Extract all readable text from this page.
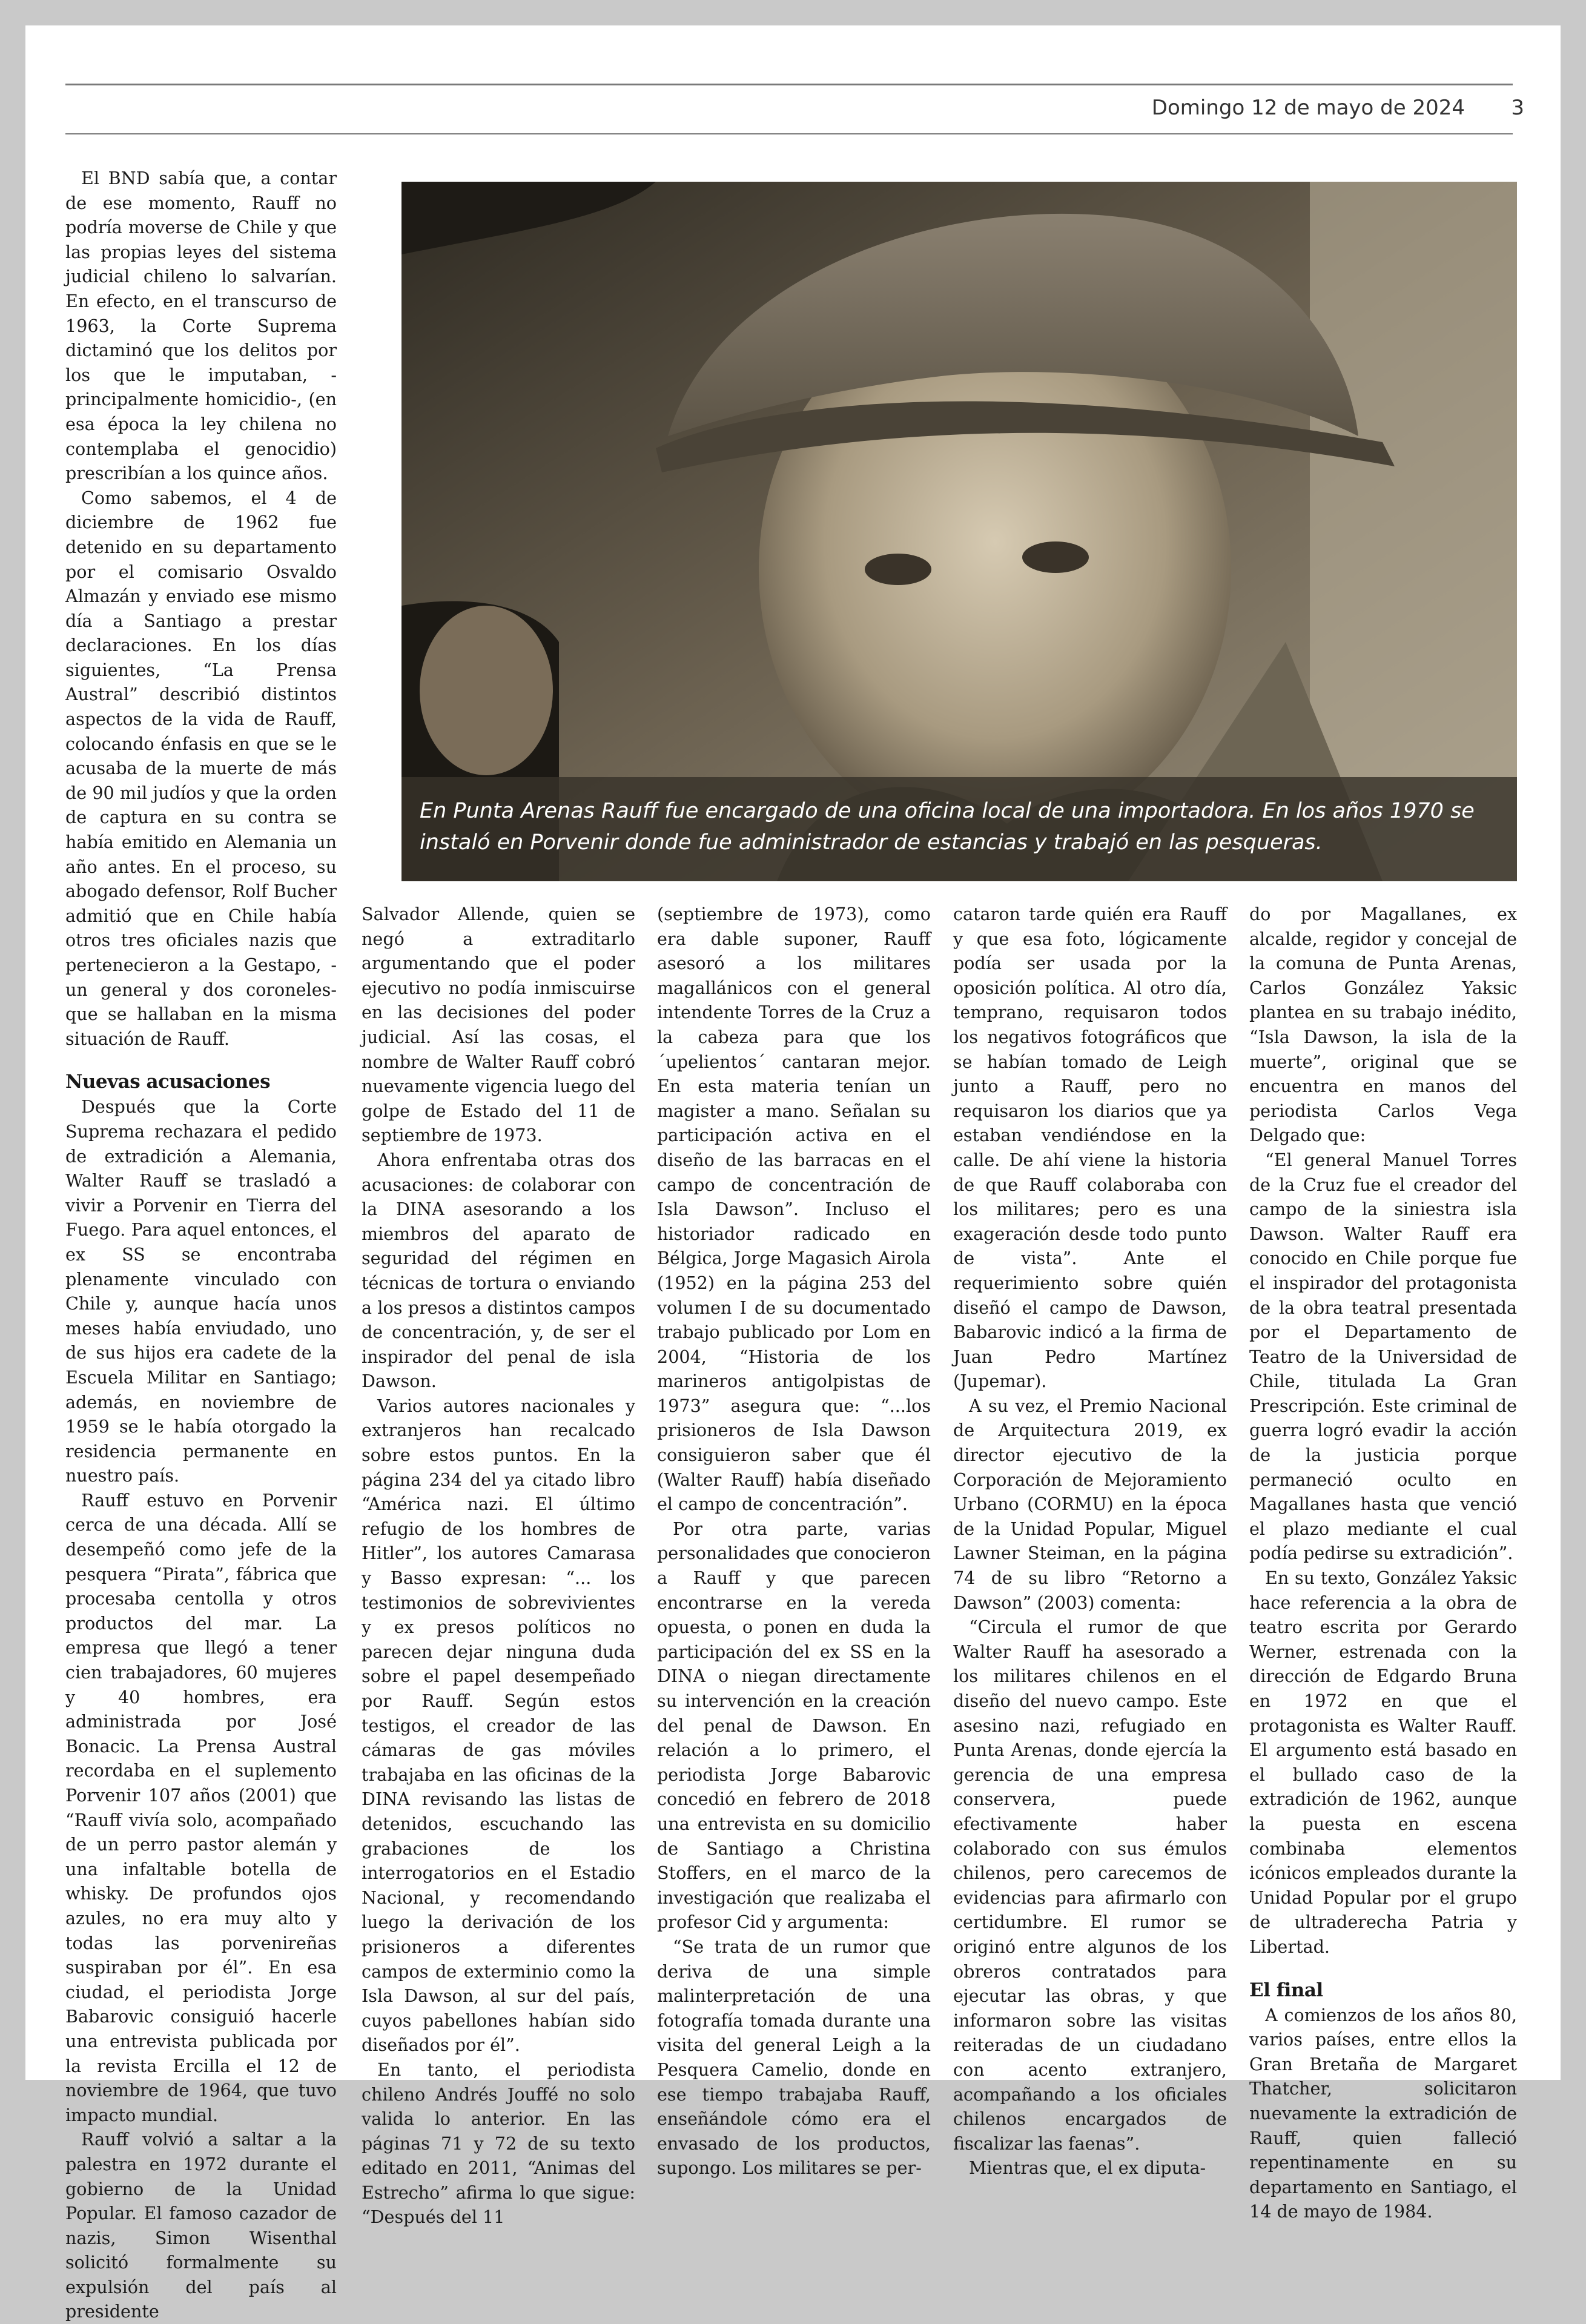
Domingo 12 de mayo de 2024 3

El BND sabía que, a contar de ese momento, Rauff no podría moverse de Chile y que las propias leyes del sistema judicial chileno lo salvarían. En efecto, en el transcurso de 1963, la Corte Suprema dictaminó que los delitos por los que le imputaban, -principalmente homicidio-, (en esa época la ley chilena no contemplaba el genocidio) prescribían a los quince años.

Como sabemos, el 4 de diciembre de 1962 fue detenido en su departamento por el comisario Osvaldo Almazán y enviado ese mismo día a Santiago a prestar declaraciones. En los días siguientes, “La Prensa Austral” describió distintos aspectos de la vida de Rauff, colocando énfasis en que se le acusaba de la muerte de más de 90 mil judíos y que la orden de captura en su contra se había emitido en Alemania un año antes. En el proceso, su abogado defensor, Rolf Bucher admitió que en Chile había otros tres oficiales nazis que pertenecieron a la Gestapo, -un general y dos coroneles- que se hallaban en la misma situación de Rauff.

Nuevas acusaciones

Después que la Corte Suprema rechazara el pedido de extradición a Alemania, Walter Rauff se trasladó a vivir a Porvenir en Tierra del Fuego. Para aquel entonces, el ex SS se encontraba plenamente vinculado con Chile y, aunque hacía unos meses había enviudado, uno de sus hijos era cadete de la Escuela Militar en Santiago; además, en noviembre de 1959 se le había otorgado la residencia permanente en nuestro país.

Rauff estuvo en Porvenir cerca de una década. Allí se desempeñó como jefe de la pesquera “Pirata”, fábrica que procesaba centolla y otros productos del mar. La empresa que llegó a tener cien trabajadores, 60 mujeres y 40 hombres, era administrada por José Bonacic. La Prensa Austral recordaba en el suplemento Porvenir 107 años (2001) que “Rauff vivía solo, acompañado de un perro pastor alemán y una infaltable botella de whisky. De profundos ojos azules, no era muy alto y todas las porvenireñas suspiraban por él”. En esa ciudad, el periodista Jorge Babarovic consiguió hacerle una entrevista publicada por la revista Ercilla el 12 de noviembre de 1964, que tuvo impacto mundial.

Rauff volvió a saltar a la palestra en 1972 durante el gobierno de la Unidad Popular. El famoso cazador de nazis, Simon Wisenthal solicitó formalmente su expulsión del país al presidente

En Punta Arenas Rauff fue encargado de una oficina local de una importadora. En los años 1970 se instaló en Porvenir donde fue administrador de estancias y trabajó en las pesqueras.

Salvador Allende, quien se negó a extraditarlo argumentando que el poder ejecutivo no podía inmiscuirse en las decisiones del poder judicial. Así las cosas, el nombre de Walter Rauff cobró nuevamente vigencia luego del golpe de Estado del 11 de septiembre de 1973.

Ahora enfrentaba otras dos acusaciones: de colaborar con la DINA asesorando a los miembros del aparato de seguridad del régimen en técnicas de tortura o enviando a los presos a distintos campos de concentración, y, de ser el inspirador del penal de isla Dawson.

Varios autores nacionales y extranjeros han recalcado sobre estos puntos. En la página 234 del ya citado libro “América nazi. El último refugio de los hombres de Hitler”, los autores Camarasa y Basso expresan: “... los testimonios de sobrevivientes y ex presos políticos no parecen dejar ninguna duda sobre el papel desempeñado por Rauff. Según estos testigos, el creador de las cámaras de gas móviles trabajaba en las oficinas de la DINA revisando las listas de detenidos, escuchando las grabaciones de los interrogatorios en el Estadio Nacional, y recomendando luego la derivación de los prisioneros a diferentes campos de exterminio como la Isla Dawson, al sur del país, cuyos pabellones habían sido diseñados por él”.

En tanto, el periodista chileno Andrés Jouffé no solo valida lo anterior. En las páginas 71 y 72 de su texto editado en 2011, “Animas del Estrecho” afirma lo que sigue: “Después del 11

(septiembre de 1973), como era dable suponer, Rauff asesoró a los militares magallánicos con el general intendente Torres de la Cruz a la cabeza para que los ´upelientos´ cantaran mejor. En esta materia tenían un magister a mano. Señalan su participación activa en el diseño de las barracas en el campo de concentración de Isla Dawson”. Incluso el historiador radicado en Bélgica, Jorge Magasich Airola (1952) en la página 253 del volumen I de su documentado trabajo publicado por Lom en 2004, “Historia de los marineros antigolpistas de 1973” asegura que: “...los prisioneros de Isla Dawson consiguieron saber que él (Walter Rauff) había diseñado el campo de concentración”.

Por otra parte, varias personalidades que conocieron a Rauff y que parecen encontrarse en la vereda opuesta, o ponen en duda la participación del ex SS en la DINA o niegan directamente su intervención en la creación del penal de Dawson. En relación a lo primero, el periodista Jorge Babarovic concedió en febrero de 2018 una entrevista en su domicilio de Santiago a Christina Stoffers, en el marco de la investigación que realizaba el profesor Cid y argumenta:

“Se trata de un rumor que deriva de una simple malinterpretación de una fotografía tomada durante una visita del general Leigh a la Pesquera Camelio, donde en ese tiempo trabajaba Rauff, enseñándole cómo era el envasado de los productos, supongo. Los militares se per-

cataron tarde quién era Rauff y que esa foto, lógicamente podía ser usada por la oposición política. Al otro día, temprano, requisaron todos los negativos fotográficos que se habían tomado de Leigh junto a Rauff, pero no requisaron los diarios que ya estaban vendiéndose en la calle. De ahí viene la historia de que Rauff colaboraba con los militares; pero es una exageración desde todo punto de vista”. Ante el requerimiento sobre quién diseñó el campo de Dawson, Babarovic indicó a la firma de Juan Pedro Martínez (Jupemar).

A su vez, el Premio Nacional de Arquitectura 2019, ex director ejecutivo de la Corporación de Mejoramiento Urbano (CORMU) en la época de la Unidad Popular, Miguel Lawner Steiman, en la página 74 de su libro “Retorno a Dawson” (2003) comenta:

“Circula el rumor de que Walter Rauff ha asesorado a los militares chilenos en el diseño del nuevo campo. Este asesino nazi, refugiado en Punta Arenas, donde ejercía la gerencia de una empresa conservera, puede efectivamente haber colaborado con sus émulos chilenos, pero carecemos de evidencias para afirmarlo con certidumbre. El rumor se originó entre algunos de los obreros contratados para ejecutar las obras, y que informaron sobre las visitas reiteradas de un ciudadano con acento extranjero, acompañando a los oficiales chilenos encargados de fiscalizar las faenas”.

Mientras que, el ex diputa-

do por Magallanes, ex alcalde, regidor y concejal de la comuna de Punta Arenas, Carlos González Yaksic plantea en su trabajo inédito, “Isla Dawson, la isla de la muerte”, original que se encuentra en manos del periodista Carlos Vega Delgado que:

“El general Manuel Torres de la Cruz fue el creador del campo de la siniestra isla Dawson. Walter Rauff era conocido en Chile porque fue el inspirador del protagonista de la obra teatral presentada por el Departamento de Teatro de la Universidad de Chile, titulada La Gran Prescripción. Este criminal de guerra logró evadir la acción de la justicia porque permaneció oculto en Magallanes hasta que venció el plazo mediante el cual podía pedirse su extradición”.

En su texto, González Yaksic hace referencia a la obra de teatro escrita por Gerardo Werner, estrenada con la dirección de Edgardo Bruna en 1972 en que el protagonista es Walter Rauff. El argumento está basado en el bullado caso de la extradición de 1962, aunque la puesta en escena combinaba elementos icónicos empleados durante la Unidad Popular por el grupo de ultraderecha Patria y Libertad.

El final

A comienzos de los años 80, varios países, entre ellos la Gran Bretaña de Margaret Thatcher, solicitaron nuevamente la extradición de Rauff, quien falleció repentinamente en su departamento en Santiago, el 14 de mayo de 1984.
